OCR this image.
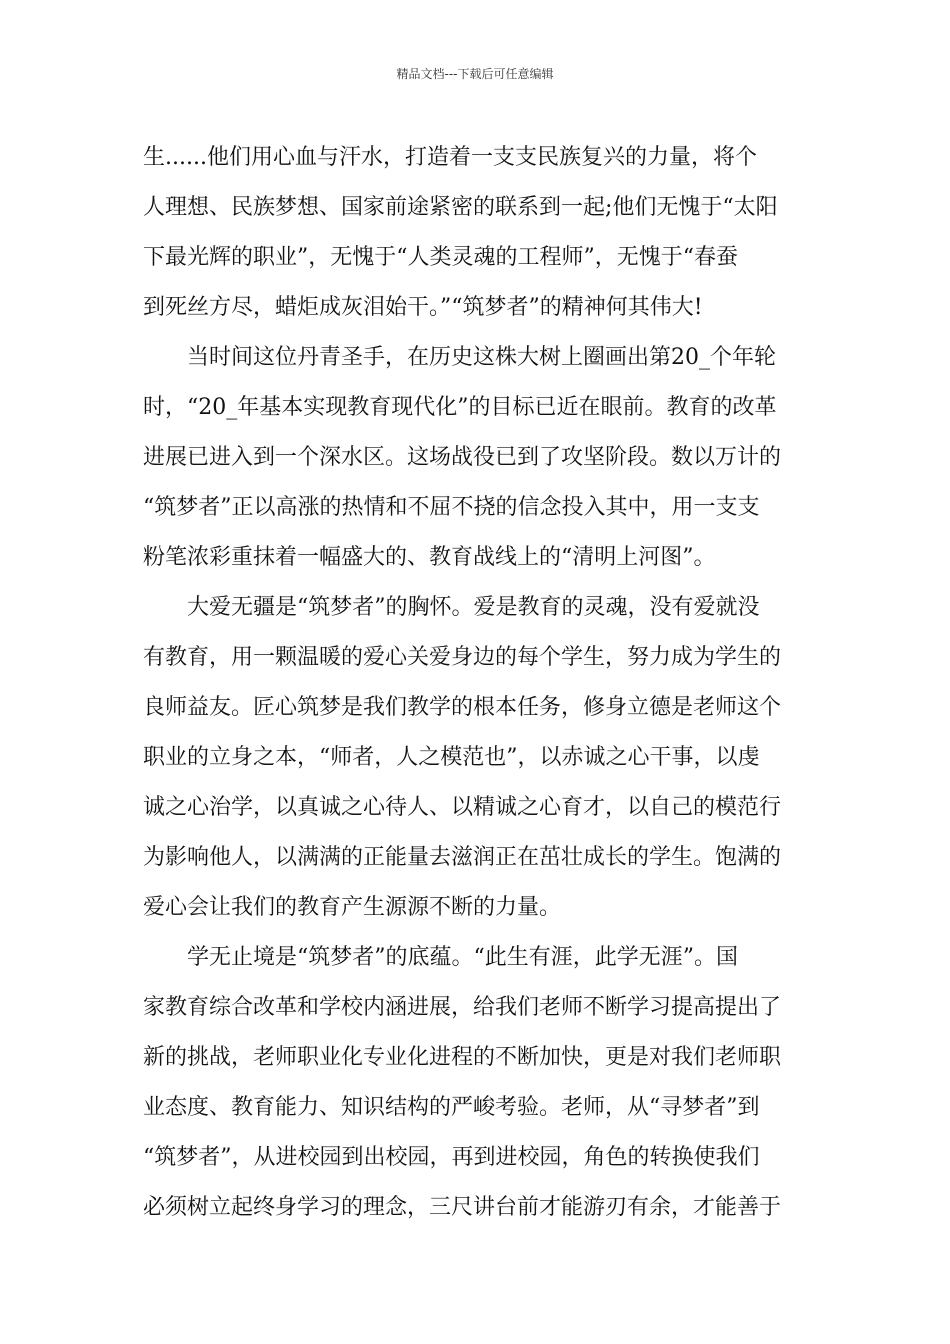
精品文档---下载后可任意编辑
生......他们用心血与汗水，打造着一支支民族复兴的力量，将个
人理想、民族梦想、国家前途紧密的联系到一起;他们无愧于“太阳
下最光辉的职业”，无愧于“人类灵魂的工程师”，无愧于“春蚕
到死丝方尽，蜡炬成灰泪始干。”“筑梦者”的精神何其伟大!
当时间这位丹青圣手，在历史这株大树上圈画出第20_个年轮
时，“20_年基本实现教育现代化”的目标已近在眼前。教育的改革
进展已进入到一个深水区。这场战役已到了攻坚阶段。数以万计的
“筑梦者”正以高涨的热情和不屈不挠的信念投入其中，用一支支
粉笔浓彩重抹着一幅盛大的、教育战线上的“清明上河图”。
大爱无疆是“筑梦者”的胸怀。爱是教育的灵魂，没有爱就没
有教育，用一颗温暖的爱心关爱身边的每个学生，努力成为学生的
良师益友。匠心筑梦是我们教学的根本任务，修身立德是老师这个
职业的立身之本，“师者，人之模范也”，以赤诚之心干事，以虔
诚之心治学，以真诚之心待人、以精诚之心育才，以自己的模范行
为影响他人，以满满的正能量去滋润正在茁壮成长的学生。饱满的
爱心会让我们的教育产生源源不断的力量。
学无止境是“筑梦者”的底蕴。“此生有涯，此学无涯”。国
家教育综合改革和学校内涵进展，给我们老师不断学习提高提出了
新的挑战，老师职业化专业化进程的不断加快，更是对我们老师职
业态度、教育能力、知识结构的严峻考验。老师，从“寻梦者”到
“筑梦者”，从进校园到出校园，再到进校园，角色的转换使我们
必须树立起终身学习的理念，三尺讲台前才能游刃有余，才能善于
